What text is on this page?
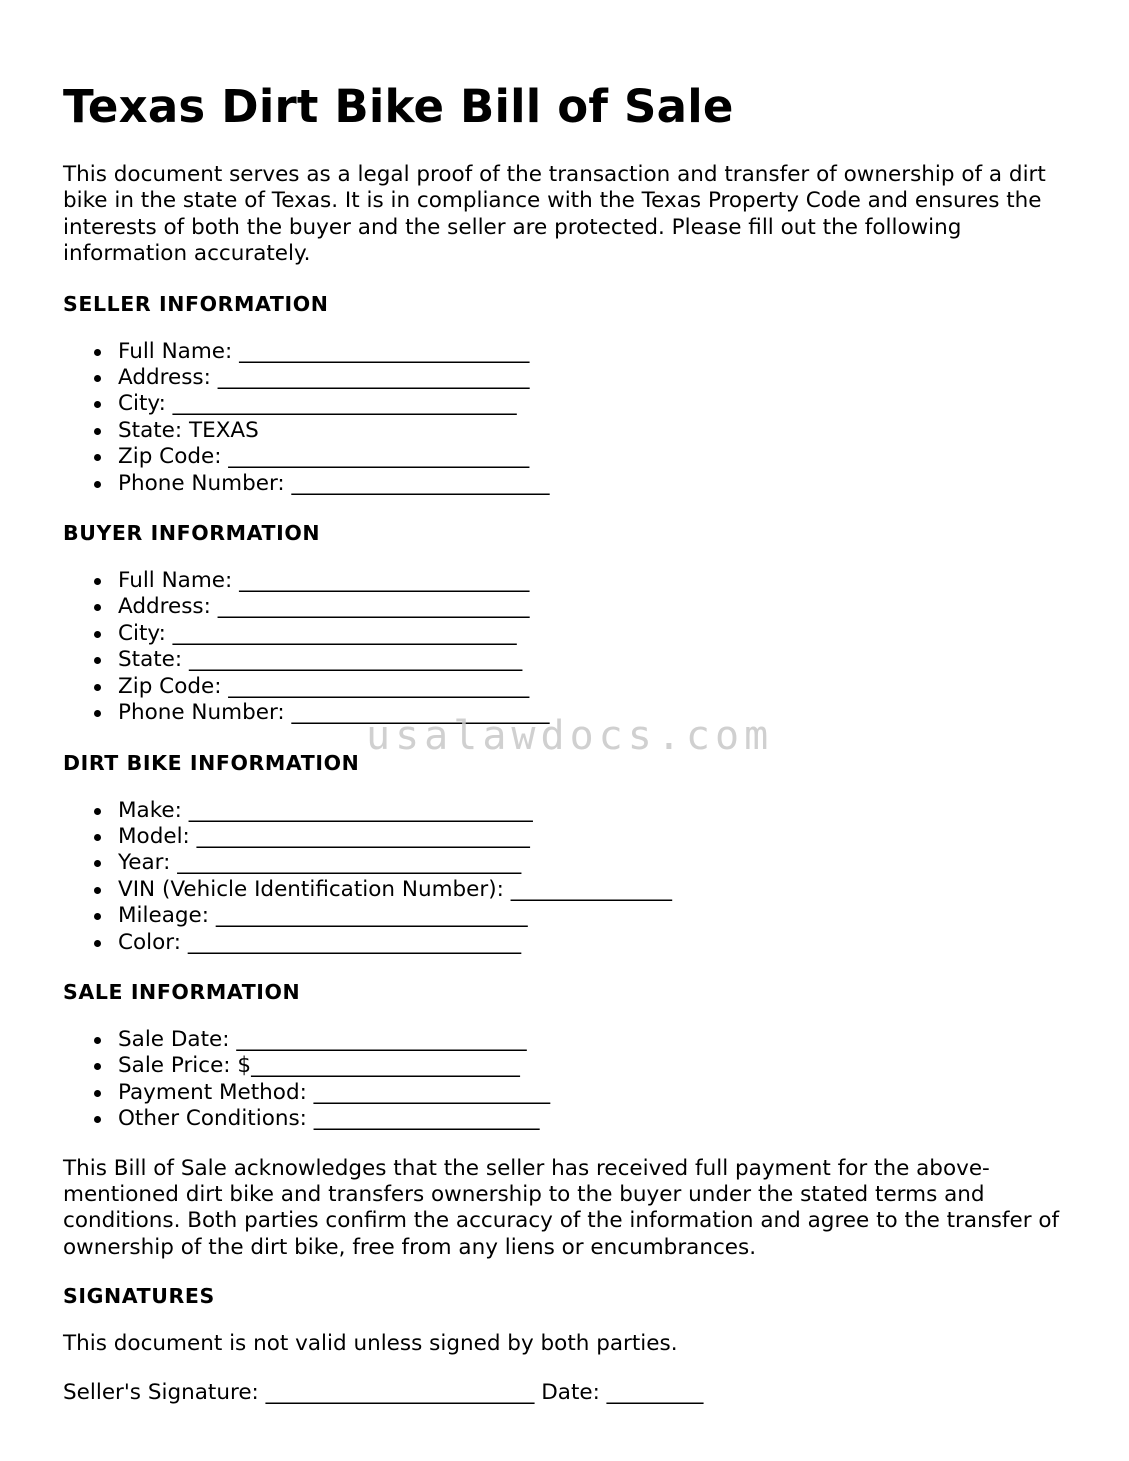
Texas Dirt Bike Bill of Sale

This document serves as a legal proof of the transaction and transfer of ownership of a dirt bike in the state of Texas. It is in compliance with the Texas Property Code and ensures the interests of both the buyer and the seller are protected. Please fill out the following information accurately.

SELLER INFORMATION
Full Name: ___________________________
Address: _____________________________
City: ________________________________
State: TEXAS
Zip Code: ____________________________
Phone Number: ________________________
BUYER INFORMATION
Full Name: ___________________________
Address: _____________________________
City: ________________________________
State: _______________________________
Zip Code: ____________________________
Phone Number: ________________________
DIRT BIKE INFORMATION
Make: ________________________________
Model: _______________________________
Year: ________________________________
VIN (Vehicle Identification Number): _______________
Mileage: _____________________________
Color: _______________________________
SALE INFORMATION
Sale Date: ___________________________
Sale Price: $_________________________
Payment Method: ______________________
Other Conditions: _____________________

This Bill of Sale acknowledges that the seller has received full payment for the above-mentioned dirt bike and transfers ownership to the buyer under the stated terms and conditions. Both parties confirm the accuracy of the information and agree to the transfer of ownership of the dirt bike, free from any liens or encumbrances.

SIGNATURES

This document is not valid unless signed by both parties.

Seller's Signature: _________________________ Date: _________

usalawdocs.com
